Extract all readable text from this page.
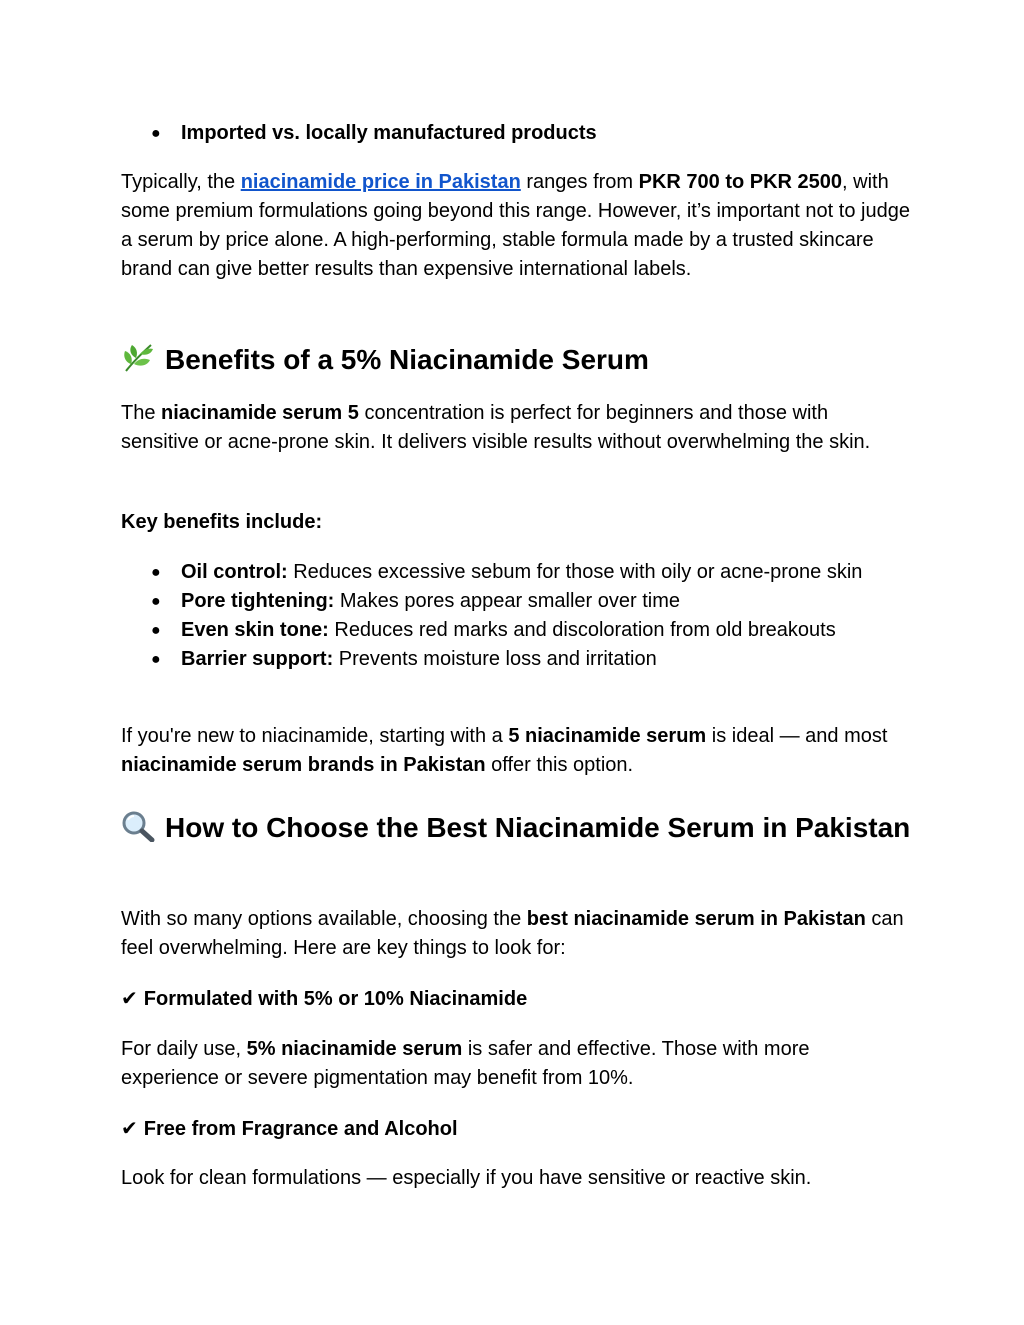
● Imported vs. locally manufactured products

Typically, the niacinamide price in Pakistan ranges from PKR 700 to PKR 2500, with some premium formulations going beyond this range. However, it’s important not to judge a serum by price alone. A high-performing, stable formula made by a trusted skincare brand can give better results than expensive international labels.

Benefits of a 5% Niacinamide Serum

The niacinamide serum 5 concentration is perfect for beginners and those with sensitive or acne-prone skin. It delivers visible results without overwhelming the skin.

Key benefits include:

● Oil control: Reduces excessive sebum for those with oily or acne-prone skin
● Pore tightening: Makes pores appear smaller over time
● Even skin tone: Reduces red marks and discoloration from old breakouts
● Barrier support: Prevents moisture loss and irritation

If you're new to niacinamide, starting with a 5 niacinamide serum is ideal — and most niacinamide serum brands in Pakistan offer this option.

How to Choose the Best Niacinamide Serum in Pakistan

With so many options available, choosing the best niacinamide serum in Pakistan can feel overwhelming. Here are key things to look for:

✔ Formulated with 5% or 10% Niacinamide

For daily use, 5% niacinamide serum is safer and effective. Those with more experience or severe pigmentation may benefit from 10%.

✔ Free from Fragrance and Alcohol

Look for clean formulations — especially if you have sensitive or reactive skin.
